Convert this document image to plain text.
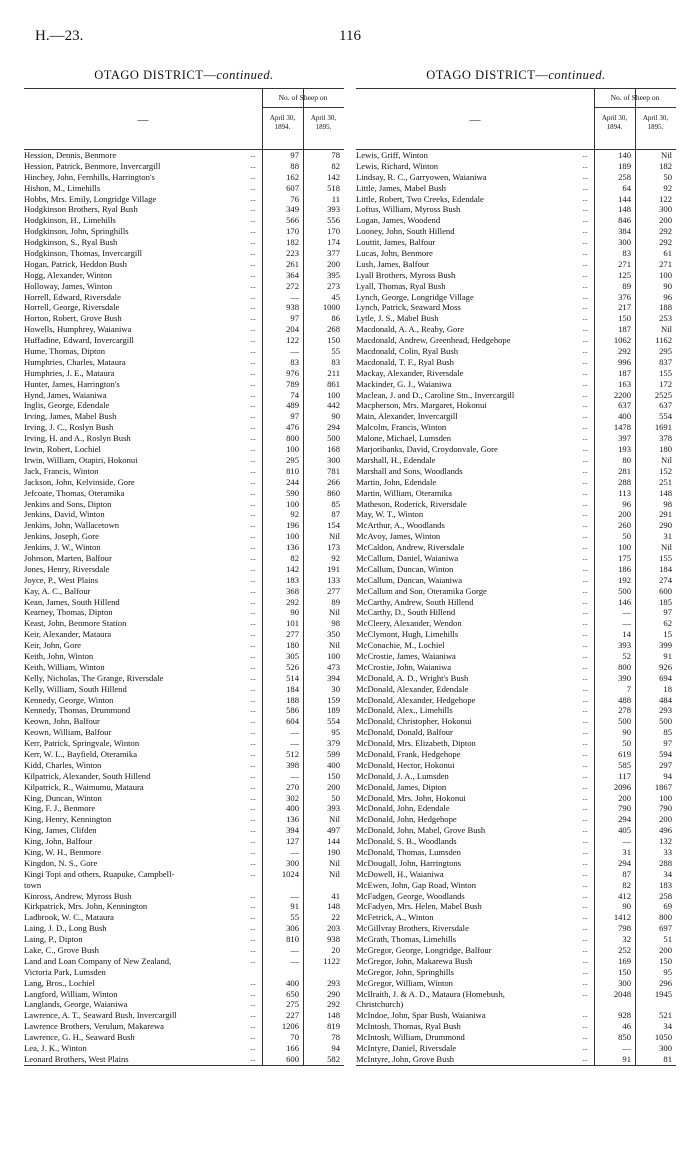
H.—23.	116
OTAGO DISTRICT—continued.
—
No. of Sheep on
April 30, 1894.
April 30, 1895.
Hession, Dennis, Benmore	97	78
...
Hession, Patrick, Benmore, Invercargill	88	82
...
Hinchey, John, Fernhills, Harrington's	162	142
...
Hishon, M., Limehills	607	518
...
Hobbs, Mrs. Emily, Longridge Village	76	11
...
Hodgkinson Brothers, Ryal Bush	349	393
...
Hodgkinson, H., Limehills	566	556
...
Hodgkinson, John, Springhills	170	170
...
Hodgkinson, S., Ryal Bush	182	174
...
Hodgkinson, Thomas, Invercargill	223	377
...
Hogan, Patrick, Heddon Bush	261	200
...
Hogg, Alexander, Winton	364	395
...
Holloway, James, Winton	272	273
...
Horrell, Edward, Riversdale	—	45
...
Horrell, George, Riversdale	938	1000
...
Horton, Robert, Grove Bush	97	86
...
Howells, Humphrey, Waianiwa	204	268
...
Huffadine, Edward, Invercargill	122	150
...
Hume, Thomas, Dipton	—	55
...
Humphries, Charles, Mataura	83	83
...
Humphries, J. E., Mataura	976	211
...
Hunter, James, Harrington's	789	861
...
Hynd, James, Waianiwa	74	100
...
Inglis, George, Edendale	489	442
...
Irving, James, Mabel Bush	97	90
...
Irving, J. C., Roslyn Bush	476	294
...
Irving, H. and A., Roslyn Bush	800	500
...
Irwin, Robert, Lochiel	100	168
...
Irwin, William, Otapiri, Hokonui	295	300
...
Jack, Francis, Winton	810	781
...
Jackson, John, Kelvinside, Gore	244	266
...
Jefcoate, Thomas, Oteramika	590	860
...
Jenkins and Sons, Dipton	100	85
...
Jenkins, David, Winton	92	87
...
Jenkins, John, Wallacetown	196	154
...
Jenkins, Joseph, Gore	100	Nil
...
Jenkins, J. W., Winton	136	173
...
Johnson, Marten, Balfour	82	92
...
Jones, Henry, Riversdale	142	191
...
Joyce, P., West Plains	183	133
...
Kay, A. C., Balfour	368	277
...
Kean, James, South Hillend	292	89
...
Kearney, Thomas, Dipton	90	Nil
...
Keast, John, Benmore Station	101	98
...
Keir, Alexander, Mataura	277	350
...
Keir, John, Gore	180	Nil
...
Keith, John, Winton	305	100
...
Keith, William, Winton	526	473
...
Kelly, Nicholas, The Grange, Riversdale	514	394
...
Kelly, William, South Hillend	184	30
...
Kennedy, George, Winton	188	159
...
Kennedy, Thomas, Drummond	586	189
...
Keown, John, Balfour	604	554
...
Keown, William, Balfour	—	95
...
Kerr, Patrick, Springvale, Winton	—	379
...
Kerr, W. L., Bayfield, Oteramika	512	599
...
Kidd, Charles, Winton	398	400
...
Kilpatrick, Alexander, South Hillend	—	150
...
Kilpatrick, R., Waimumu, Mataura	270	200
...
King, Duncan, Winton	302	50
...
King, F. J., Benmore	400	393
...
King, Henry, Kennington	136	Nil
...
King, James, Clifden	394	497
...
King, John, Balfour	127	144
...
King, W. H., Benmore	—	190
...
Kingdon, N. S., Gore	300	Nil
...
Kingi Topi and others, Ruapuke, Campbell-	1024	Nil
...
town
Kinross, Andrew, Myross Bush	—	41
...
Kirkpatrick, Mrs. John, Kennington	91	148
...
Ladbrook, W. C., Mataura	55	22
...
Laing, J. D., Long Bush	306	203
...
Laing, P., Dipton	810	938
...
Lake, C., Grove Bush	—	20
...
Land and Loan Company of New Zealand,	—	1122
...
Victoria Park, Lumsden
Lang, Bros., Lochiel	400	293
...
Langford, William, Winton	650	290
...
Langlands, George, Waianiwa	275	292
...
Lawrence, A. T., Seaward Bush, Invercargill	227	148
...
Lawrence Brothers, Verulum, Makarewa	1206	819
...
Lawrence, G. H., Seaward Bush	70	78
...
Lea, J. K., Winton	166	94
...
Leonard Brothers, West Plains	600	582
...
OTAGO DISTRICT—continued.
—
No. of Sheep on
April 30, 1894.
April 30, 1895.
Lewis, Griff, Winton	140	Nil
...
Lewis, Richard, Winton	189	182
...
Lindsay, R. C., Garryowen, Waianiwa	258	50
...
Little, James, Mabel Bush	64	92
...
Little, Robert, Two Creeks, Edendale	144	122
...
Loftus, William, Myross Bush	148	300
...
Logan, James, Woodend	846	200
...
Looney, John, South Hillend	384	292
...
Louttit, James, Balfour	300	292
...
Lucas, John, Benmore	83	61
...
Lush, James, Balfour	271	271
...
Lyall Brothers, Myross Bush	125	100
...
Lyall, Thomas, Ryal Bush	89	90
...
Lynch, George, Longridge Village	376	96
...
Lynch, Patrick, Seaward Moss	217	188
...
Lytle, J. S., Mabel Bush	150	253
...
Macdonald, A. A., Reaby, Gore	187	Nil
...
Macdonald, Andrew, Greenhead, Hedgehope	1062	1162
...
Macdonald, Colin, Ryal Bush	292	295
...
Macdonald, T. F., Ryal Bush	996	837
...
Mackay, Alexander, Riversdale	187	155
...
Mackinder, G. J., Waianiwa	163	172
...
Maclean, J. and D., Caroline Stn., Invercargill	2200	2525
...
Macpherson, Mrs. Margaret, Hokonui	637	637
...
Main, Alexander, Invercargill	400	554
...
Malcolm, Francis, Winton	1478	1691
...
Malone, Michael, Lumsden	397	378
...
Marjoribanks, David, Croydonvale, Gore	193	180
...
Marshall, H., Edendale	80	Nil
...
Marshall and Sons, Woodlands	281	152
...
Martin, John, Edendale	288	251
...
Martin, William, Oteramika	113	148
...
Matheson, Roderick, Riversdale	96	98
...
May, W. T., Winton	200	291
...
McArthur, A., Woodlands	260	290
...
McAvoy, James, Winton	50	31
...
McCaldon, Andrew, Riversdale	100	Nil
...
McCallum, Daniel, Waianiwa	175	155
...
McCallum, Duncan, Winton	186	184
...
McCallum, Duncan, Waianiwa	192	274
...
McCallum and Son, Oteramika Gorge	500	600
...
McCarthy, Andrew, South Hillend	146	185
...
McCarthy, D., South Hillend	—	97
...
McCleery, Alexander, Wendon	—	62
...
McClymont, Hugh, Limehills	14	15
...
McConachie, M., Lochiel	393	399
...
McCrostie, James, Waianiwa	52	91
...
McCrostie, John, Waianiwa	800	926
...
McDonald, A. D., Wright's Bush	390	694
...
McDonald, Alexander, Edendale	7	18
...
McDonald, Alexander, Hedgehope	488	484
...
McDonald, Alex., Limehills	278	293
...
McDonald, Christopher, Hokonui	500	500
...
McDonald, Donald, Balfour	90	85
...
McDonald, Mrs. Elizabeth, Dipton	50	97
...
McDonald, Frank, Hedgehope	619	594
...
McDonald, Hector, Hokonui	585	297
...
McDonald, J. A., Lumsden	117	94
...
McDonald, James, Dipton	2096	1867
...
McDonald, Mrs. John, Hokonui	200	100
...
McDonald, John, Edendale	790	790
...
McDonald, John, Hedgehope	294	200
...
McDonald, John, Mabel, Grove Bush	405	496
...
McDonald, S. B., Woodlands	—	132
...
McDonald, Thomas, Lumsden	31	33
...
McDougall, John, Harringtons	294	288
...
McDowell, H., Waianiwa	87	34
...
McEwen, John, Gap Road, Winton	82	183
...
McFadgen, George, Woodlands	412	258
...
McFadyen, Mrs. Helen, Mabel Bush	90	69
...
McFetrick, A., Winton	1412	800
...
McGillvray Brothers, Riversdale	798	697
...
McGrath, Thomas, Limehills	32	51
...
McGregor, George, Longridge, Balfour	252	200
...
McGregor, John, Makarewa Bush	169	150
...
McGregor, John, Springhills	150	95
...
McGregor, William, Winton	300	296
...
McIlraith, J. & A. D., Mataura (Homebush,	2048	1945
...
Christchurch)
McIndoe, John, Spar Bush, Waianiwa	928	521
...
McIntosh, Thomas, Ryal Bush	46	34
...
McIntosh, William, Drummond	850	1050
...
McIntyre, Daniel, Riversdale	—	300
...
McIntyre, John, Grove Bush	91	81
...
